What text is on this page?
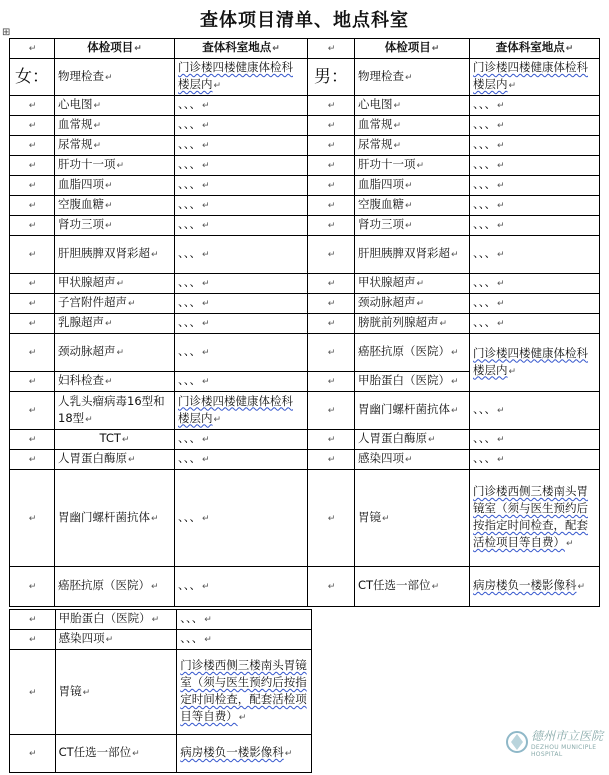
查体项目清单、地点科室
⊞
↵	体检项目↵	查体科室地点↵	↵	体检项目↵	查体科室地点↵
女：	物理检查↵	门诊楼四楼健康体检科楼层内↵	男：	物理检查↵	门诊楼四楼健康体检科楼层内↵
↵	心电图↵	、、、↵	↵	心电图↵	、、、↵
↵	血常规↵	、、、↵	↵	血常规↵	、、、↵
↵	尿常规↵	、、、↵	↵	尿常规↵	、、、↵
↵	肝功十一项↵	、、、↵	↵	肝功十一项↵	、、、↵
↵	血脂四项↵	、、、↵	↵	血脂四项↵	、、、↵
↵	空腹血糖↵	、、、↵	↵	空腹血糖↵	、、、↵
↵	肾功三项↵	、、、↵	↵	肾功三项↵	、、、↵
↵	肝胆胰脾双肾彩超↵	、、、↵	↵	肝胆胰脾双肾彩超↵	、、、↵
↵	甲状腺超声↵	、、、↵	↵	甲状腺超声↵	、、、↵
↵	子宫附件超声↵	、、、↵	↵	颈动脉超声↵	、、、↵
↵	乳腺超声↵	、、、↵	↵	膀胱前列腺超声↵	、、、↵
↵	颈动脉超声↵	、、、↵	↵	癌胚抗原（医院）↵	门诊楼四楼健康体检科楼层内↵
↵	妇科检查↵	、、、↵	↵	甲胎蛋白（医院）↵	
↵	人乳头瘤病毒16型和18型↵	门诊楼四楼健康体检科楼层内↵	↵	胃幽门螺杆菌抗体↵	、、、↵
↵	TCT↵	、、、↵	↵	人胃蛋白酶原↵	、、、↵
↵	人胃蛋白酶原↵	、、、↵	↵	感染四项↵	、、、↵
↵	胃幽门螺杆菌抗体↵	、、、↵	↵	胃镜↵	门诊楼西侧三楼南头胃镜室（须与医生预约后按指定时间检查，配套活检项目等自费）↵
↵	癌胚抗原（医院）↵	、、、↵	↵	CT任选一部位↵	病房楼负一楼影像科↵
↵	甲胎蛋白（医院）↵	、、、↵
↵	感染四项↵	、、、↵
↵	胃镜↵	门诊楼西侧三楼南头胃镜室（须与医生预约后按指定时间检查，配套活检项目等自费）↵
↵	CT任选一部位↵	病房楼负一楼影像科↵
德州市立医院
DEZHOU MUNICIPLE HOSPITAL
